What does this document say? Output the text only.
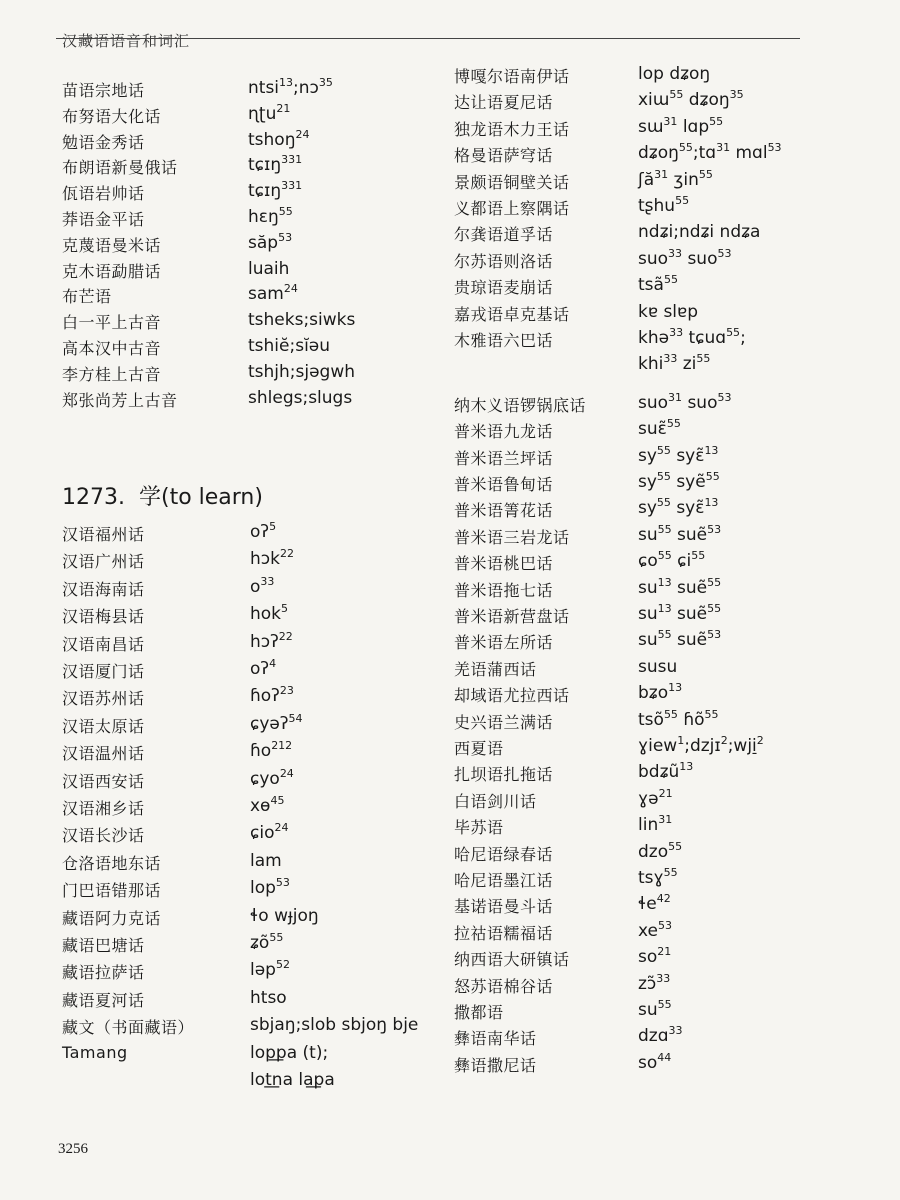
汉藏语语音和词汇
苗语宗地话	ntsi$^{13}$;nɔ$^{35}$
布努语大化话	ɳʈu$^{21}$
勉语金秀话	tshoŋ$^{24}$
布朗语新曼俄话	tɕɪŋ$^{331}$
佤语岩帅话	tɕɪŋ$^{331}$
莽语金平话	hɛŋ$^{55}$
克蔑语曼米话	săp$^{53}$
克木语勐腊话	luaih
布芒语	sam$^{24}$
白一平上古音	tsheks;siwks
高本汉中古音	tshiĕ;sĭǝu
李方桂上古音	tshjh;sjǝgwh
郑张尚芳上古音	shlegs;slugs
1273. 学(to learn)
汉语福州话	oʔ$^5$
汉语广州话	hɔk$^{22}$
汉语海南话	$o^{33}$
汉语梅县话	hok$^5$
汉语南昌话	hɔʔ$^{22}$
汉语厦门话	oʔ$^4$
汉语苏州话	ɦoʔ$^{23}$
汉语太原话	ɕyəʔ$^{54}$
汉语温州话	ɦo$^{212}$
汉语西安话	ɕyo$^{24}$
汉语湘乡话	xɵ$^{45}$
汉语长沙话	ɕio$^{24}$
仓洛语地东话	lam
门巴语错那话	lop$^{53}$
藏语阿力克话	ɬo wɟjoŋ
藏语巴塘话	ʑõ$^{55}$
藏语拉萨话	ləp$^{52}$
藏语夏河话	htso
藏文（书面藏语）	sbjaŋ;slob sbjoŋ bje
Tamang	lop͟pa (t);
lot͟na la͟pa
博嘎尔语南伊话	lop dʑoŋ
达让语夏尼话	xiɯ$^{55}$ dʑoŋ$^{35}$
独龙语木力王话	sɯ$^{31}$ lɑp$^{55}$
格曼语萨穹话	dʑoŋ$^{55}$;tɑ$^{31}$ mɑl$^{53}$
景颇语铜壁关话	ʃă$^{31}$ ʒin$^{55}$
义都语上察隅话	tʂhu$^{55}$
尔龚语道孚话	ndʑi;ndʑi ndʑa
尔苏语则洛话	suo$^{33}$ suo$^{53}$
贵琼语麦崩话	tsã$^{55}$
嘉戎语卓克基话	kɐ slɐp
木雅语六巴话	khə$^{33}$ tɕuɑ$^{55}$;
khi$^{33}$ $zi^{55}$
纳木义语锣锅底话	suo$^{31}$ suo$^{53}$
普米语九龙话	suɛ̃$^{55}$
普米语兰坪话	$sy^{55}$ syɛ̃$^{13}$
普米语鲁甸话	$sy^{55}$ syẽ$^{55}$
普米语箐花话	$sy^{55}$ syɛ̃$^{13}$
普米语三岩龙话	$su^{55}$ suẽ$^{53}$
普米语桃巴话	ɕo$^{55}$ ɕi$^{55}$
普米语拖七话	$su^{13}$ suẽ$^{55}$
普米语新营盘话	$su^{13}$ suẽ$^{55}$
普米语左所话	$su^{55}$ suẽ$^{53}$
羌语蒲西话	susu
却域语尤拉西话	bʑo$^{13}$
史兴语兰满话	tsõ$^{55}$ ɦõ$^{55}$
西夏语	ɣiew$^1$;dzjɪ$^2$;wji̠$^2$
扎坝语扎拖话	bdʑũ$^{13}$
白语剑川话	ɣə$^{21}$
毕苏语	lin$^{31}$
哈尼语绿春话	dzo$^{55}$
哈尼语墨江话	tsɣ$^{55}$
基诺语曼斗话	ɬe$^{42}$
拉祜语糯福话	$xe^{53}$
纳西语大研镇话	$so^{21}$
怒苏语棉谷话	zɔ̃$^{33}$
撒都语	$su^{55}$
彝语南华话	dzɑ$^{33}$
彝语撒尼话	$so^{44}$
3256
